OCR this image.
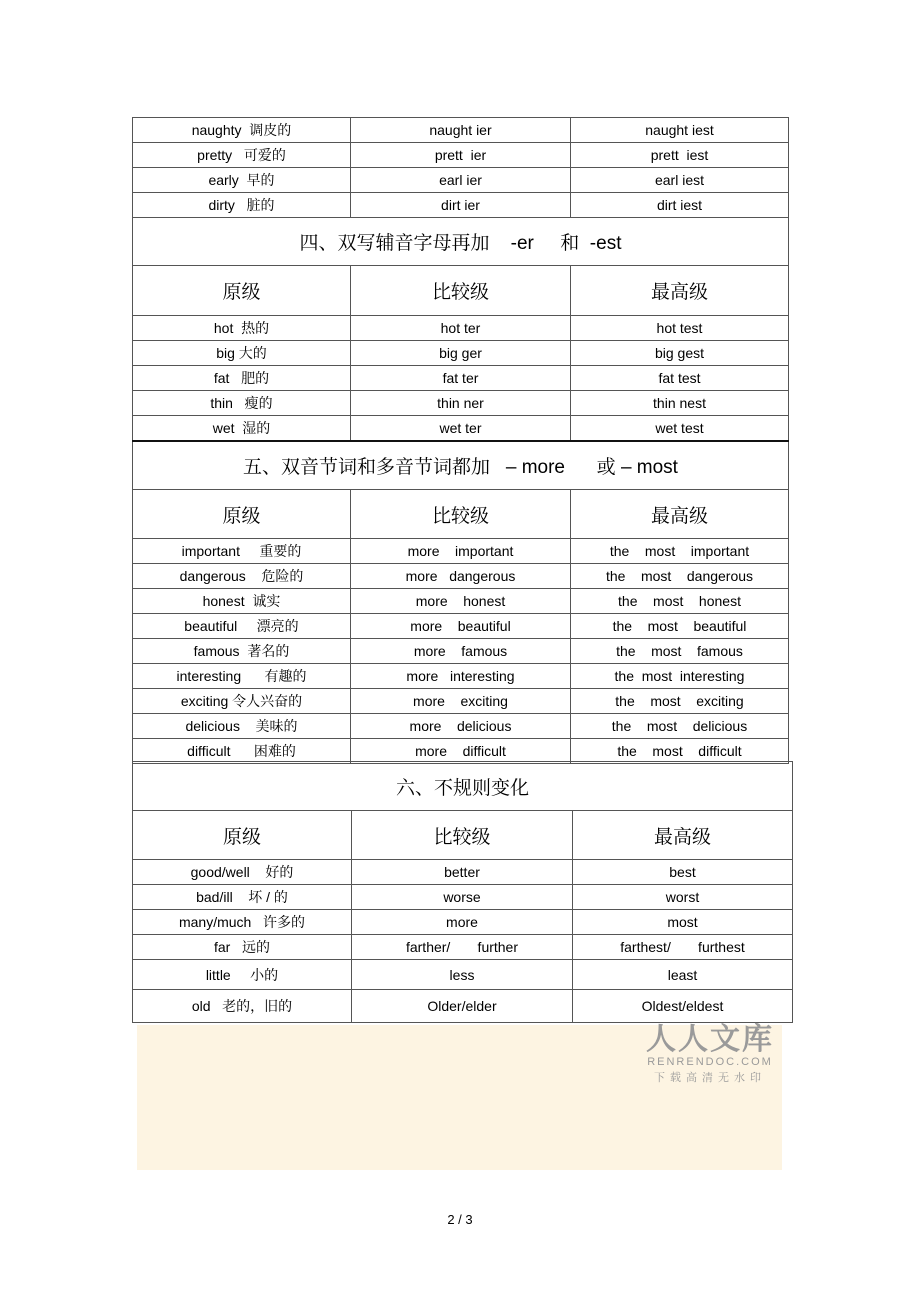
naughty  调皮的	naught ier	naught iest
pretty   可爱的	prett  ier	prett  iest
early  早的	earl ier	earl iest
dirty   脏的	dirt ier	dirt iest
四、双写辅音字母再加    -er     和  -est		
原级	比较级	最高级
hot  热的	hot ter	hot test
big 大的	big ger	big gest
fat   肥的	fat ter	fat test
thin   瘦的	thin ner	thin nest
wet  湿的	wet ter	wet test
五、双音节词和多音节词都加   – more      或 – most		
原级	比较级	最高级
important     重要的	more    important	the    most    important
dangerous    危险的	more   dangerous	the    most    dangerous
honest  诚实	more    honest	the    most    honest
beautiful     漂亮的	more    beautiful	the    most    beautiful
famous  著名的	more    famous	the    most    famous
interesting      有趣的	more   interesting	the  most  interesting
exciting 令人兴奋的	more    exciting	the    most    exciting
delicious    美味的	more    delicious	the    most    delicious
difficult      困难的	more    difficult	the    most    difficult
六、不规则变化		
原级	比较级	最高级
good/well    好的	better	best
bad/ill    坏 / 的	worse	worst
many/much   许多的	more	most
far   远的	farther/       further	farthest/       furthest
little     小的	less	least
old   老的，旧的	Older/elder	Oldest/eldest
人人文库
RENRENDOC.COM
下载高清无水印
2 / 3
